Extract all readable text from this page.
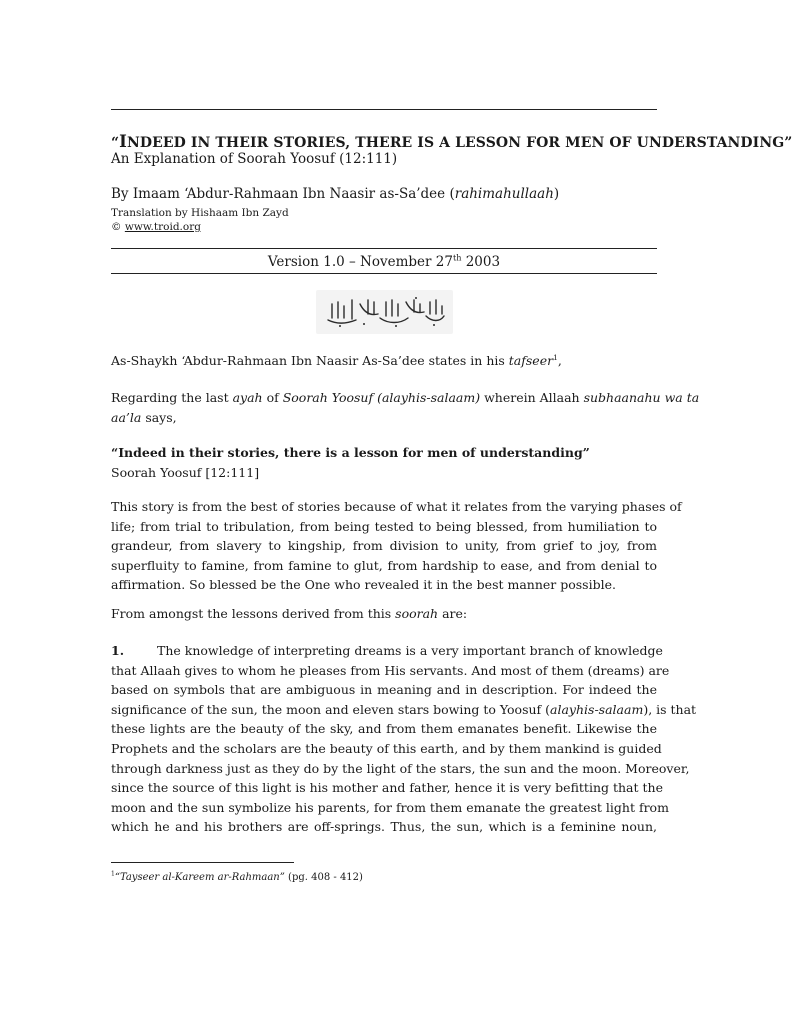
“INDEED IN THEIR STORIES, THERE IS A LESSON FOR MEN OF UNDERSTANDING”
An Explanation of Soorah Yoosuf (12:111)
By Imaam ‘Abdur-Rahmaan Ibn Naasir as-Sa’dee (rahimahullaah)
Translation by Hishaam Ibn Zayd
© www.troid.org
Version 1.0 – November 27th 2003
As-Shaykh ‘Abdur-Rahmaan Ibn Naasir As-Sa’dee states in his tafseer$^1$,
Regarding the last ayah of Soorah Yoosuf (alayhis-salaam) wherein Allaah subhaanahu wa ta
aa’la says,
“Indeed in their stories, there is a lesson for men of understanding”
Soorah Yoosuf [12:111]
This story is from the best of stories because of what it relates from the varying phases of
life; from trial to tribulation, from being tested to being blessed, from humiliation to
grandeur, from slavery to kingship, from division to unity, from grief to joy, from
superfluity to famine, from famine to glut, from hardship to ease, and from denial to
affirmation. So blessed be the One who revealed it in the best manner possible.
From amongst the lessons derived from this soorah are:
1.	The knowledge of interpreting dreams is a very important branch of knowledge
that Allaah gives to whom he pleases from His servants. And most of them (dreams) are
based on symbols that are ambiguous in meaning and in description. For indeed the
significance of the sun, the moon and eleven stars bowing to Yoosuf (alayhis-salaam), is that
these lights are the beauty of the sky, and from them emanates benefit. Likewise the
Prophets and the scholars are the beauty of this earth, and by them mankind is guided
through darkness just as they do by the light of the stars, the sun and the moon. Moreover,
since the source of this light is his mother and father, hence it is very befitting that the
moon and the sun symbolize his parents, for from them emanate the greatest light from
which he and his brothers are off-springs. Thus, the sun, which is a feminine noun,
$^1$“Tayseer al-Kareem ar-Rahmaan” (pg. 408 - 412)
